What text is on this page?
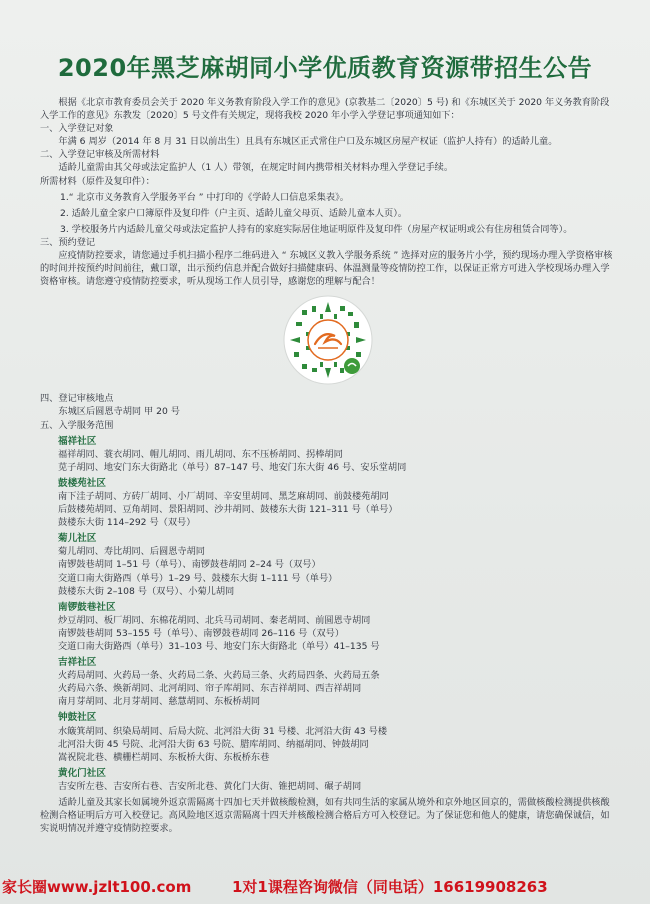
2020年黑芝麻胡同小学优质教育资源带招生公告

根据《北京市教育委员会关于 2020 年义务教育阶段入学工作的意见》(京教基二〔2020〕5 号) 和《东城区关于 2020 年义务教育阶段入学工作的意见》东教发〔2020〕5 号文件有关规定，现将我校 2020 年小学入学登记事项通知如下：

一、入学登记对象

年满 6 周岁（2014 年 8 月 31 日以前出生）且具有东城区正式常住户口及东城区房屋产权证（监护人持有）的适龄儿童。

二、入学登记审核及所需材料

适龄儿童需由其父母或法定监护人（1 人）带领，在规定时间内携带相关材料办理入学登记手续。

所需材料（原件及复印件）：

1.“ 北京市义务教育入学服务平台 ” 中打印的《学龄人口信息采集表》。

2. 适龄儿童全家户口簿原件及复印件（户主页、适龄儿童父母页、适龄儿童本人页）。

3. 学校服务片内适龄儿童父母或法定监护人持有的家庭实际居住地证明原件及复印件（房屋产权证明或公有住房租赁合同等）。

三、预约登记

应疫情防控要求，请您通过手机扫描小程序二维码进入 “ 东城区义教入学服务系统 ” 选择对应的服务片小学，预约现场办理入学资格审核的时间并按预约时间前往，戴口罩，出示预约信息并配合做好扫描健康码、体温测量等疫情防控工作，以保证正常方可进入学校现场办理入学资格审核。请您遵守疫情防控要求，听从现场工作人员引导，感谢您的理解与配合！

四、登记审核地点

东城区后圆恩寺胡同 甲 20 号

五、入学服务范围

福祥社区

福祥胡同、蓑衣胡同、帽儿胡同、雨儿胡同、东不压桥胡同、拐棒胡同

苋子胡同、地安门东大街路北（单号）87–147 号、地安门东大街 46 号、安乐堂胡同

鼓楼苑社区

南下洼子胡同、方砖厂胡同、小厂胡同、辛安里胡同、黑芝麻胡同、前鼓楼苑胡同

后鼓楼苑胡同、豆角胡同、景阳胡同、沙井胡同、鼓楼东大街 121–311 号（单号）

鼓楼东大街 114–292 号（双号）

菊儿社区

菊儿胡同、寿比胡同、后圆恩寺胡同

南锣鼓巷胡同 1–51 号（单号）、南锣鼓巷胡同 2–24 号（双号）

交道口南大街路西（单号）1–29 号、鼓楼东大街 1–111 号（单号）

鼓楼东大街 2–108 号（双号）、小菊儿胡同

南锣鼓巷社区

炒豆胡同、板厂胡同、东棉花胡同、北兵马司胡同、秦老胡同、前圆恩寺胡同

南锣鼓巷胡同 53–155 号（单号）、南锣鼓巷胡同 26–116 号（双号）

交道口南大街路西（单号）31–103 号、地安门东大街路北（单号）41–135 号

吉祥社区

火药局胡同、火药局一条、火药局二条、火药局三条、火药局四条、火药局五条

火药局六条、焕新胡同、北河胡同、帘子库胡同、东吉祥胡同、西吉祥胡同

南月芽胡同、北月芽胡同、慈慧胡同、东板桥胡同

钟鼓社区

水簸箕胡同、织染局胡同、后局大院、北河沿大街 31 号楼、北河沿大街 43 号楼

北河沿大街 45 号院、北河沿大街 63 号院、腊库胡同、纳福胡同、钟鼓胡同

嵩祝院北巷、横栅栏胡同、东板桥大街、东板桥东巷

黄化门社区

吉安所左巷、吉安所右巷、吉安所北巷、黄化门大街、锥把胡同、碾子胡同

适龄儿童及其家长如属境外返京需隔离十四加七天并做核酸检测，如有共同生活的家属从境外和京外地区回京的，需做核酸检测提供核酸检测合格证明后方可入校登记。高风险地区返京需隔离十四天并核酸检测合格后方可入校登记。为了保证您和他人的健康，请您确保诚信，如实说明情况并遵守疫情防控要求。

家长圈www.jzlt100.com	1对1课程咨询微信（同电话）16619908263
